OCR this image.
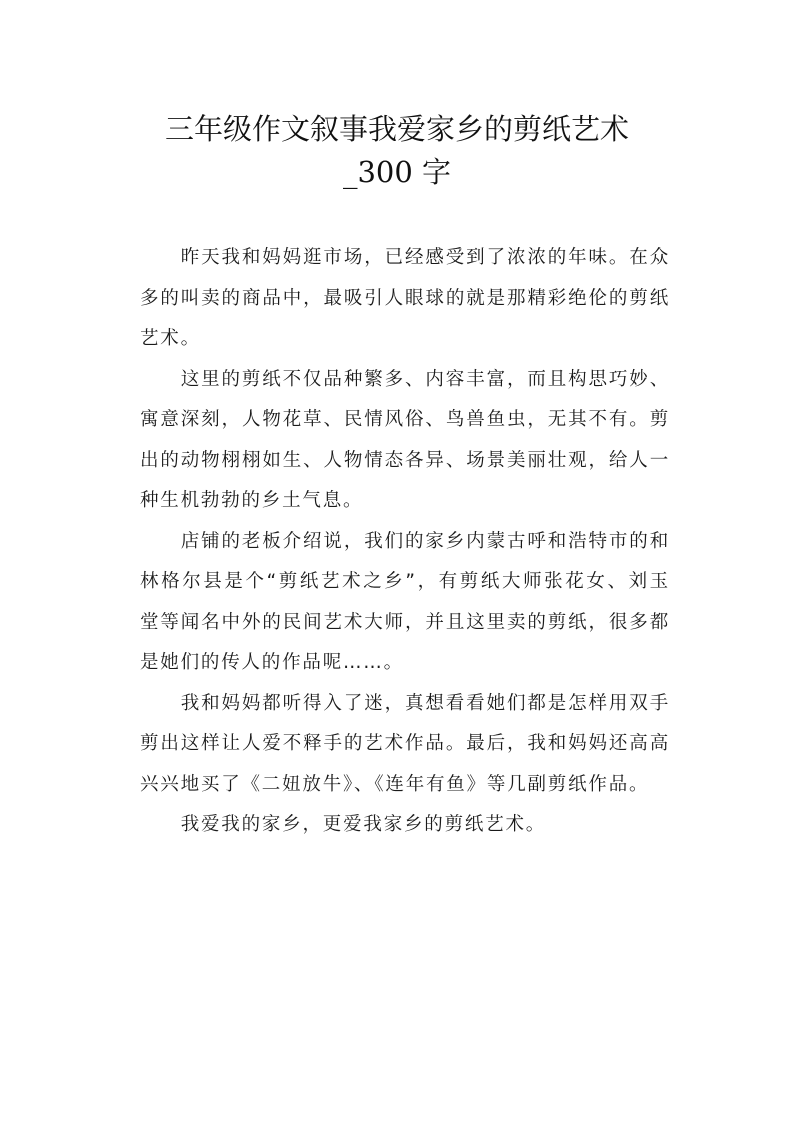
三年级作文叙事我爱家乡的剪纸艺术
_300 字

昨天我和妈妈逛市场，已经感受到了浓浓的年味。在众多的叫卖的商品中，最吸引人眼球的就是那精彩绝伦的剪纸艺术。

这里的剪纸不仅品种繁多、内容丰富，而且构思巧妙、寓意深刻，人物花草、民情风俗、鸟兽鱼虫，无其不有。剪出的动物栩栩如生、人物情态各异、场景美丽壮观，给人一种生机勃勃的乡土气息。

店铺的老板介绍说，我们的家乡内蒙古呼和浩特市的和林格尔县是个“剪纸艺术之乡”，有剪纸大师张花女、刘玉堂等闻名中外的民间艺术大师，并且这里卖的剪纸，很多都是她们的传人的作品呢……。

我和妈妈都听得入了迷，真想看看她们都是怎样用双手剪出这样让人爱不释手的艺术作品。最后，我和妈妈还高高兴兴地买了《二妞放牛》、《连年有鱼》等几副剪纸作品。

我爱我的家乡，更爱我家乡的剪纸艺术。
